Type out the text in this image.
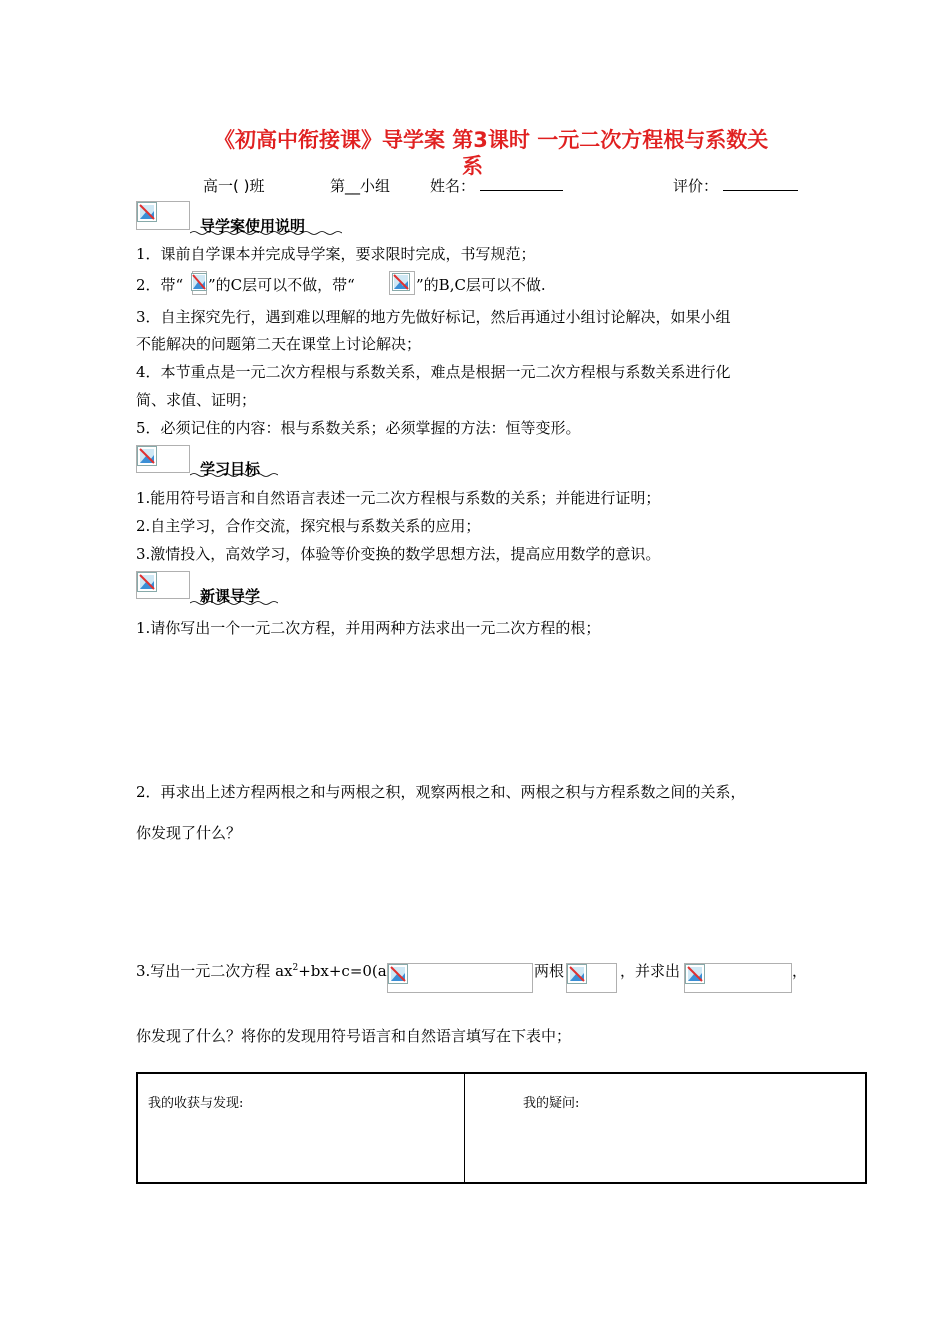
《初高中衔接课》导学案 第3课时 一元二次方程根与系数关
系
高一( )班	第__小组	姓名：	评价：
导学案使用说明
1．课前自学课本并完成导学案，要求限时完成，书写规范；
2．带“ ”的C层可以不做，带“	”的B,C层可以不做.
3．自主探究先行，遇到难以理解的地方先做好标记，然后再通过小组讨论解决，如果小组
不能解决的问题第二天在课堂上讨论解决；
4．本节重点是一元二次方程根与系数关系，难点是根据一元二次方程根与系数关系进行化
简、求值、证明；
5．必须记住的内容：根与系数关系；必须掌握的方法：恒等变形。
学习目标
1.能用符号语言和自然语言表述一元二次方程根与系数的关系；并能进行证明；
2.自主学习，合作交流，探究根与系数关系的应用；
3.激情投入，高效学习，体验等价变换的数学思想方法，提高应用数学的意识。
新课导学
1.请你写出一个一元二次方程，并用两种方法求出一元二次方程的根；
2．再求出上述方程两根之和与两根之积，观察两根之和、两根之积与方程系数之间的关系，
你发现了什么？
3.写出一元二次方程 $ax^2+bx+c=0(a$	两根	，并求出	，
你发现了什么？将你的发现用符号语言和自然语言填写在下表中；
我的收获与发现:	我的疑问:
